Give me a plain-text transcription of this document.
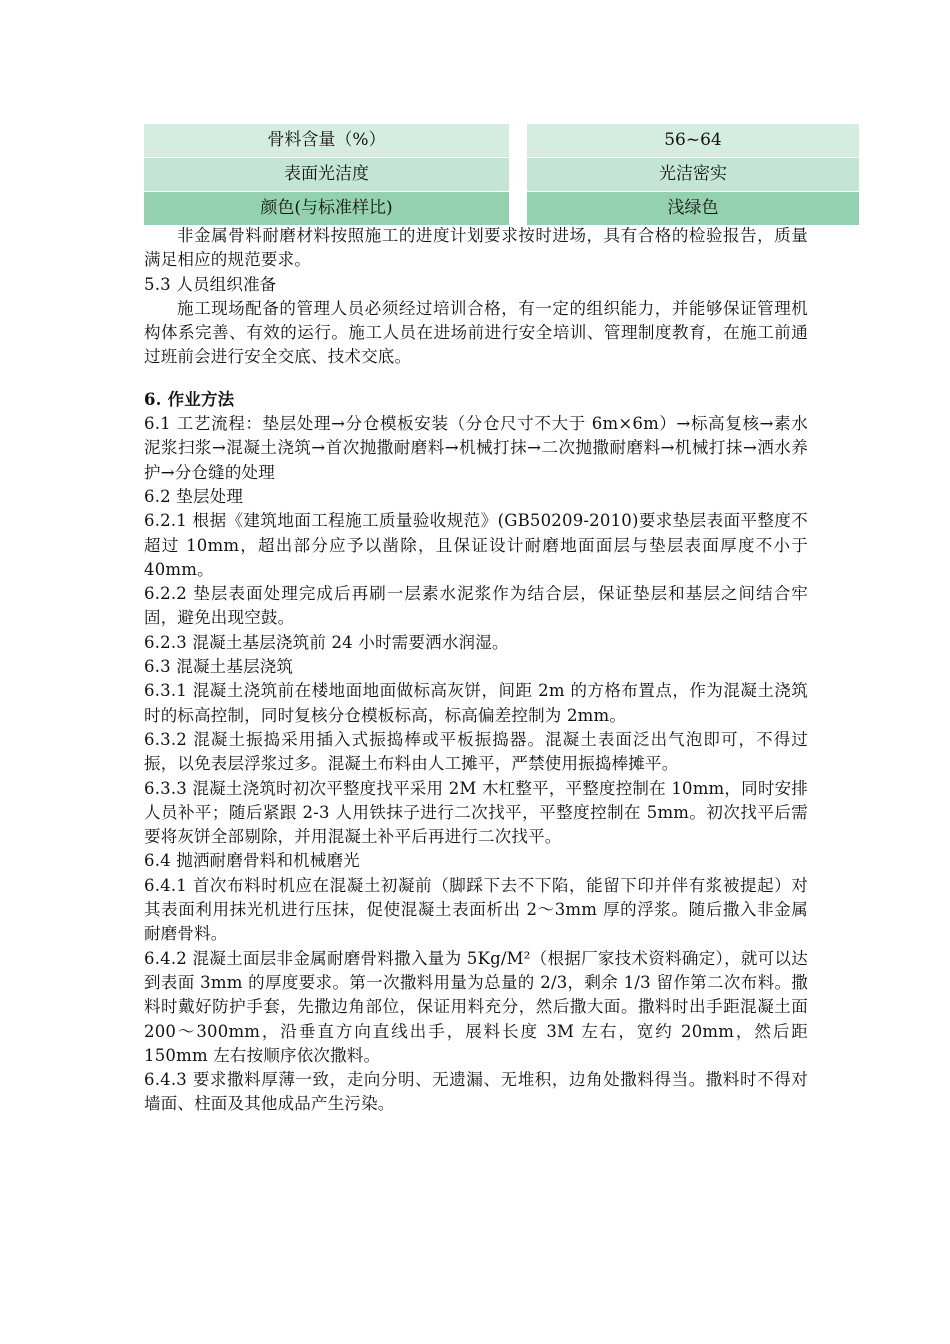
骨料含量（%）	56~64
表面光洁度	光洁密实
颜色(与标准样比)	浅绿色

非金属骨料耐磨材料按照施工的进度计划要求按时进场，具有合格的检验报告，质量满足相应的规范要求。

5.3 人员组织准备

施工现场配备的管理人员必须经过培训合格，有一定的组织能力，并能够保证管理机构体系完善、有效的运行。施工人员在进场前进行安全培训、管理制度教育，在施工前通过班前会进行安全交底、技术交底。

6. 作业方法

6.1 工艺流程：垫层处理→分仓模板安装（分仓尺寸不大于 6m×6m）→标高复核→素水泥浆扫浆→混凝土浇筑→首次抛撒耐磨料→机械打抹→二次抛撒耐磨料→机械打抹→洒水养护→分仓缝的处理

6.2 垫层处理

6.2.1 根据《建筑地面工程施工质量验收规范》(GB50209-2010)要求垫层表面平整度不超过 10mm，超出部分应予以凿除，且保证设计耐磨地面面层与垫层表面厚度不小于 40mm。

6.2.2 垫层表面处理完成后再刷一层素水泥浆作为结合层，保证垫层和基层之间结合牢固，避免出现空鼓。

6.2.3 混凝土基层浇筑前 24 小时需要洒水润湿。

6.3 混凝土基层浇筑

6.3.1 混凝土浇筑前在楼地面地面做标高灰饼，间距 2m 的方格布置点，作为混凝土浇筑时的标高控制，同时复核分仓模板标高，标高偏差控制为 2mm。

6.3.2 混凝土振捣采用插入式振捣棒或平板振捣器。混凝土表面泛出气泡即可，不得过振，以免表层浮浆过多。混凝土布料由人工摊平，严禁使用振捣棒摊平。

6.3.3 混凝土浇筑时初次平整度找平采用 2M 木杠整平，平整度控制在 10mm，同时安排人员补平；随后紧跟 2-3 人用铁抹子进行二次找平，平整度控制在 5mm。初次找平后需要将灰饼全部剔除，并用混凝土补平后再进行二次找平。

6.4 抛洒耐磨骨料和机械磨光

6.4.1 首次布料时机应在混凝土初凝前（脚踩下去不下陷，能留下印并伴有浆被提起）对其表面利用抹光机进行压抹，促使混凝土表面析出 2～3mm 厚的浮浆。随后撒入非金属耐磨骨料。

6.4.2 混凝土面层非金属耐磨骨料撒入量为 5Kg/M²（根据厂家技术资料确定），就可以达到表面 3mm 的厚度要求。第一次撒料用量为总量的 2/3，剩余 1/3 留作第二次布料。撒料时戴好防护手套，先撒边角部位，保证用料充分，然后撒大面。撒料时出手距混凝土面 200～300mm，沿垂直方向直线出手，展料长度 3M 左右，宽约 20mm，然后距 150mm 左右按顺序依次撒料。

6.4.3 要求撒料厚薄一致，走向分明、无遗漏、无堆积，边角处撒料得当。撒料时不得对墙面、柱面及其他成品产生污染。
